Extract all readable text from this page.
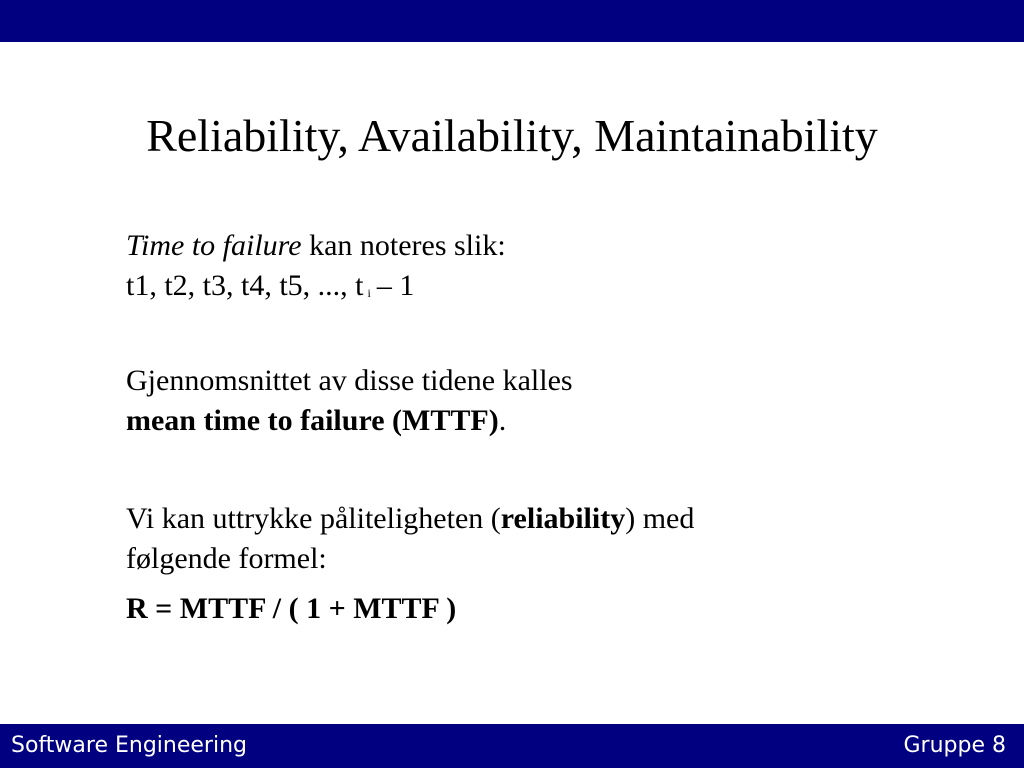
Reliability, Availability, Maintainability
Time to failure kan noteres slik:
t1, t2, t3, t4, t5, ..., t i – 1
Gjennomsnittet av disse tidene kalles
mean time to failure (MTTF).
Vi kan uttrykke påliteligheten (reliability) med
følgende formel:
R = MTTF / ( 1 + MTTF )
Software Engineering	Gruppe 8
